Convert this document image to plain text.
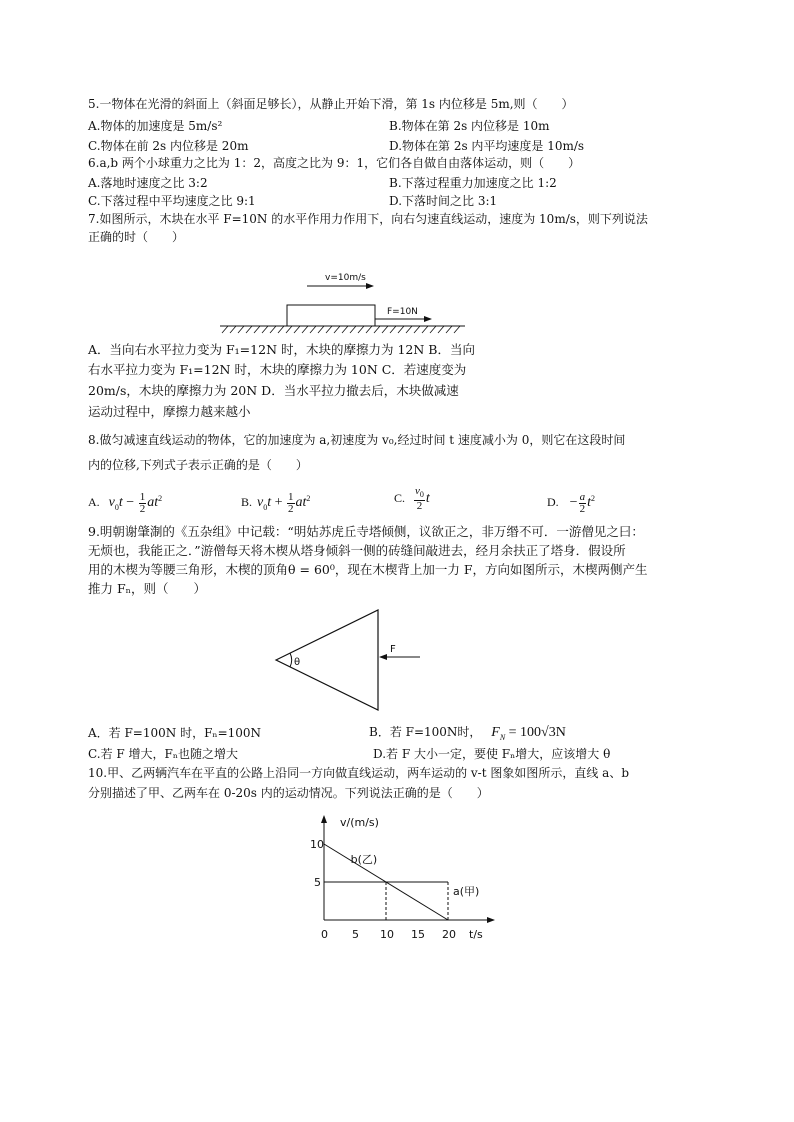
5.一物体在光滑的斜面上（斜面足够长），从静止开始下滑，第 1s 内位移是 5m,则（　　）
A.物体的加速度是 5m/s²	B.物体在第 2s 内位移是 10m
C.物体在前 2s 内位移是 20m	D.物体在第 2s 内平均速度是 10m/s
6.a,b 两个小球重力之比为 1：2，高度之比为 9：1，它们各自做自由落体运动，则（　　）
A.落地时速度之比 3:2	B.下落过程重力加速度之比 1:2
C.下落过程中平均速度之比 9:1	D.下落时间之比 3:1
7.如图所示，木块在水平 F=10N 的水平作用力作用下，向右匀速直线运动，速度为 10m/s，则下列说法
正确的时（　　）
v=10m/s
F=10N
A．当向右水平拉力变为 F₁=12N 时，木块的摩擦力为 12N B．当向
右水平拉力变为 F₁=12N 时，木块的摩擦力为 10N C．若速度变为
20m/s，木块的摩擦力为 20N D．当水平拉力撤去后，木块做减速
运动过程中，摩擦力越来越小
8.做匀减速直线运动的物体，它的加速度为 a,初速度为 v₀,经过时间 t 速度减小为 0，则它在这段时间
内的位移,下列式子表示正确的是（　　）
A. $v_0t - \frac{1}{2} at^2$	B. $v_0t + \frac{1}{2} at^2$	C. $\frac{v_0}{2}$ t	D. − $\frac{a}{2} t^2$
9.明朝谢肇淛的《五杂组》中记载：“明姑苏虎丘寺塔倾侧，议欲正之，非万缗不可．一游僧见之曰：
无烦也，我能正之．”游僧每天将木楔从塔身倾斜一侧的砖缝间敲进去，经月余扶正了塔身．假设所
用的木楔为等腰三角形，木楔的顶角θ = 60⁰，现在木楔背上加一力 F，方向如图所示，木楔两侧产生
推力 Fₙ，则（　　）
θ
F
A．若 F=100N 时，Fₙ=100N	B．若 F=100N时， $F_N = 100√3N$
C.若 F 增大，Fₙ也随之增大	D.若 F 大小一定，要使 Fₙ增大，应该增大 θ
10.甲、乙两辆汽车在平直的公路上沿同一方向做直线运动，两车运动的 v-t 图象如图所示，直线 a、b
分别描述了甲、乙两车在 0-20s 内的运动情况。下列说法正确的是（　　）
v/(m/s)
t/s
0 5 10 15 20
5
10
b(乙)
a(甲)
